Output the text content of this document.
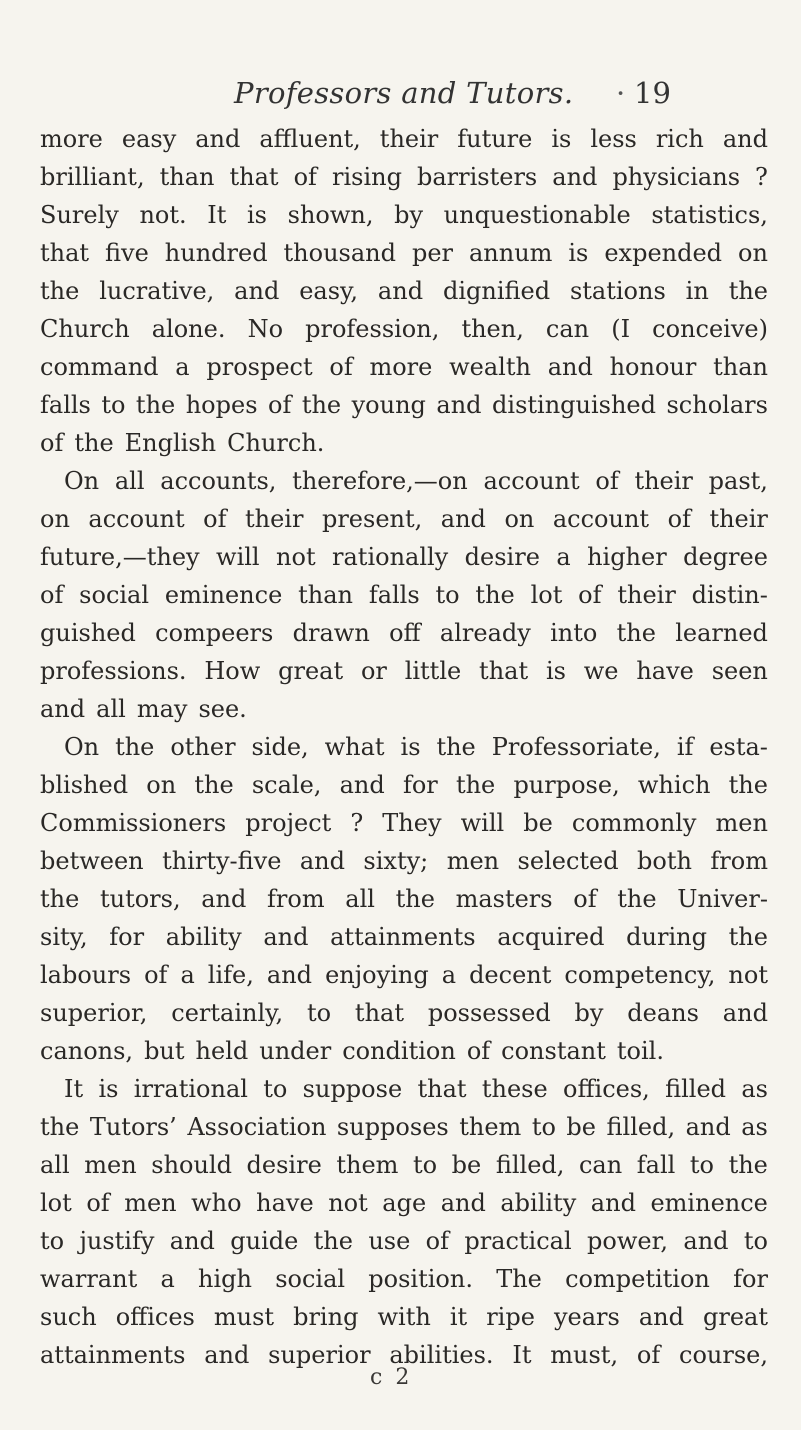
Professors and Tutors.
· 19
more easy and affluent, their future is less rich and
brilliant, than that of rising barristers and physicians ?
Surely not. It is shown, by unquestionable statistics,
that five hundred thousand per annum is expended on
the lucrative, and easy, and dignified stations in the
Church alone. No profession, then, can (I conceive)
command a prospect of more wealth and honour than
falls to the hopes of the young and distinguished scholars
of the English Church.
On all accounts, therefore,—on account of their past,
on account of their present, and on account of their
future,—they will not rationally desire a higher degree
of social eminence than falls to the lot of their distin-
guished compeers drawn off already into the learned
professions. How great or little that is we have seen
and all may see.
On the other side, what is the Professoriate, if esta-
blished on the scale, and for the purpose, which the
Commissioners project ? They will be commonly men
between thirty-five and sixty; men selected both from
the tutors, and from all the masters of the Univer-
sity, for ability and attainments acquired during the
labours of a life, and enjoying a decent competency, not
superior, certainly, to that possessed by deans and
canons, but held under condition of constant toil.
It is irrational to suppose that these offices, filled as
the Tutors’ Association supposes them to be filled, and as
all men should desire them to be filled, can fall to the
lot of men who have not age and ability and eminence
to justify and guide the use of practical power, and to
warrant a high social position. The competition for
such offices must bring with it ripe years and great
attainments and superior abilities. It must, of course,
c 2
